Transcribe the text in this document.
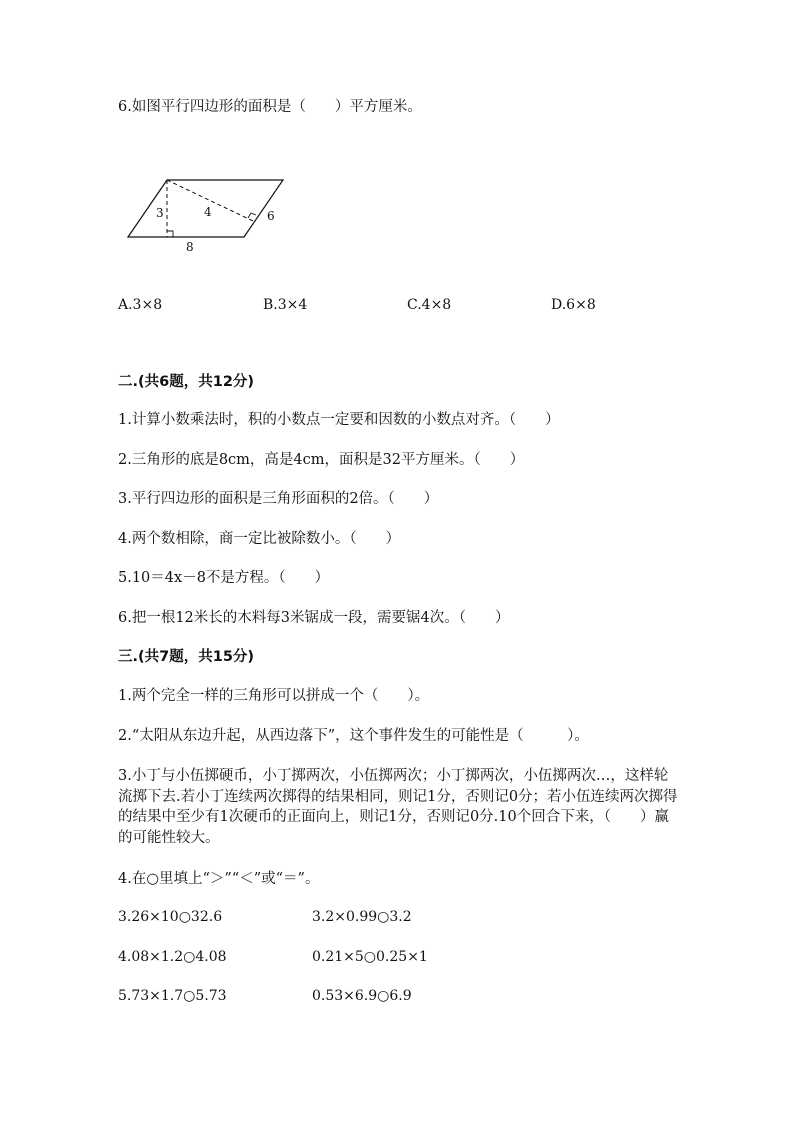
6.如图平行四边形的面积是（　　）平方厘米。

3	4	6
8
A.3×8	B.3×4	C.4×8	D.6×8

二.(共6题，共12分)

1.计算小数乘法时，积的小数点一定要和因数的小数点对齐。（　　）

2.三角形的底是8cm，高是4cm，面积是32平方厘米。（　　）

3.平行四边形的面积是三角形面积的2倍。（　　）

4.两个数相除，商一定比被除数小。（　　）

5.10＝4x－8不是方程。（　　）

6.把一根12米长的木料每3米锯成一段，需要锯4次。（　　）

三.(共7题，共15分)

1.两个完全一样的三角形可以拼成一个（　　）。

2.“太阳从东边升起，从西边落下”，这个事件发生的可能性是（　　　）。

3.小丁与小伍掷硬币，小丁掷两次，小伍掷两次；小丁掷两次，小伍掷两次…，这样轮流掷下去.若小丁连续两次掷得的结果相同，则记1分，否则记0分；若小伍连续两次掷得的结果中至少有1次硬币的正面向上，则记1分，否则记0分.10个回合下来，（　　）赢的可能性较大。

4.在○里填上“＞”“＜”或“＝”。

3.26×10○32.6	3.2×0.99○3.2
4.08×1.2○4.08	0.21×5○0.25×1
5.73×1.7○5.73	0.53×6.9○6.9
